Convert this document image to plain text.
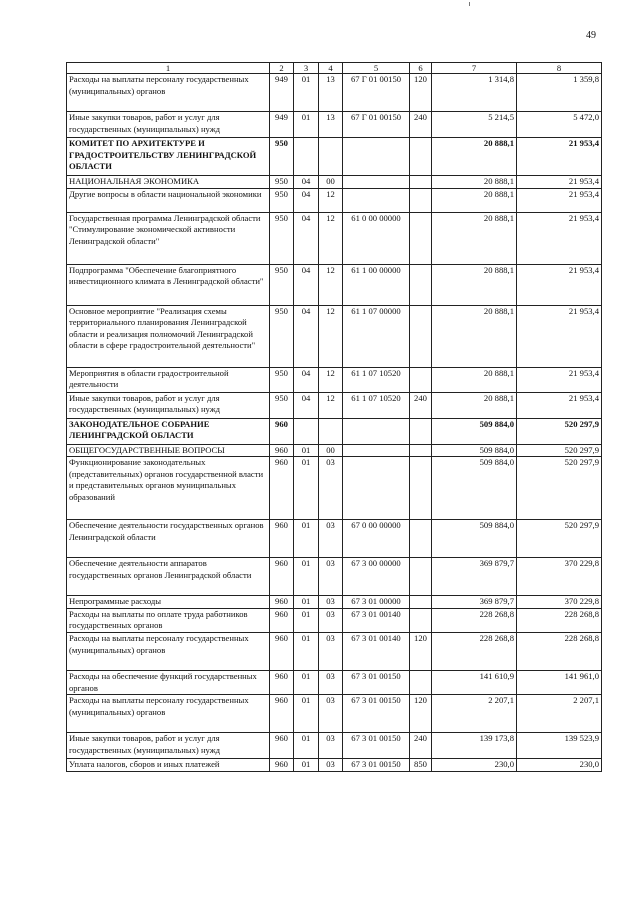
49
1	2	3	4	5	6	7	8
Расходы на выплаты персоналу государственных (муниципальных) органов	949	01	13	67 Г 01 00150	120	1 314,8	1 359,8
Иные закупки товаров, работ и услуг для государственных (муниципальных) нужд	949	01	13	67 Г 01 00150	240	5 214,5	5 472,0
КОМИТЕТ ПО АРХИТЕКТУРЕ И ГРАДОСТРОИТЕЛЬСТВУ ЛЕНИНГРАДСКОЙ ОБЛАСТИ	950					20 888,1	21 953,4
НАЦИОНАЛЬНАЯ ЭКОНОМИКА	950	04	00			20 888,1	21 953,4
Другие вопросы в области национальной экономики	950	04	12			20 888,1	21 953,4
Государственная программа Ленинградской области "Стимулирование экономической активности Ленинградской области"	950	04	12	61 0 00 00000		20 888,1	21 953,4
Подпрограмма "Обеспечение благоприятного инвестиционного климата в Ленинградской области"	950	04	12	61 1 00 00000		20 888,1	21 953,4
Основное мероприятие "Реализация схемы территориального планирования Ленинградской области и реализация полномочий Ленинградской области в сфере градостроительной деятельности"	950	04	12	61 1 07 00000		20 888,1	21 953,4
Мероприятия в области градостроительной деятельности	950	04	12	61 1 07 10520		20 888,1	21 953,4
Иные закупки товаров, работ и услуг для государственных (муниципальных) нужд	950	04	12	61 1 07 10520	240	20 888,1	21 953,4
ЗАКОНОДАТЕЛЬНОЕ СОБРАНИЕ ЛЕНИНГРАДСКОЙ ОБЛАСТИ	960					509 884,0	520 297,9
ОБЩЕГОСУДАРСТВЕННЫЕ ВОПРОСЫ	960	01	00			509 884,0	520 297,9
Функционирование законодательных (представительных) органов государственной власти и представительных органов муниципальных образований	960	01	03			509 884,0	520 297,9
Обеспечение деятельности государственных органов Ленинградской области	960	01	03	67 0 00 00000		509 884,0	520 297,9
Обеспечение деятельности аппаратов государственных органов Ленинградской области	960	01	03	67 3 00 00000		369 879,7	370 229,8
Непрограммные расходы	960	01	03	67 3 01 00000		369 879,7	370 229,8
Расходы на выплаты по оплате труда работников государственных органов	960	01	03	67 3 01 00140		228 268,8	228 268,8
Расходы на выплаты персоналу государственных (муниципальных) органов	960	01	03	67 3 01 00140	120	228 268,8	228 268,8
Расходы на обеспечение функций государственных органов	960	01	03	67 3 01 00150		141 610,9	141 961,0
Расходы на выплаты персоналу государственных (муниципальных) органов	960	01	03	67 3 01 00150	120	2 207,1	2 207,1
Иные закупки товаров, работ и услуг для государственных (муниципальных) нужд	960	01	03	67 3 01 00150	240	139 173,8	139 523,9
Уплата налогов, сборов и иных платежей	960	01	03	67 3 01 00150	850	230,0	230,0
